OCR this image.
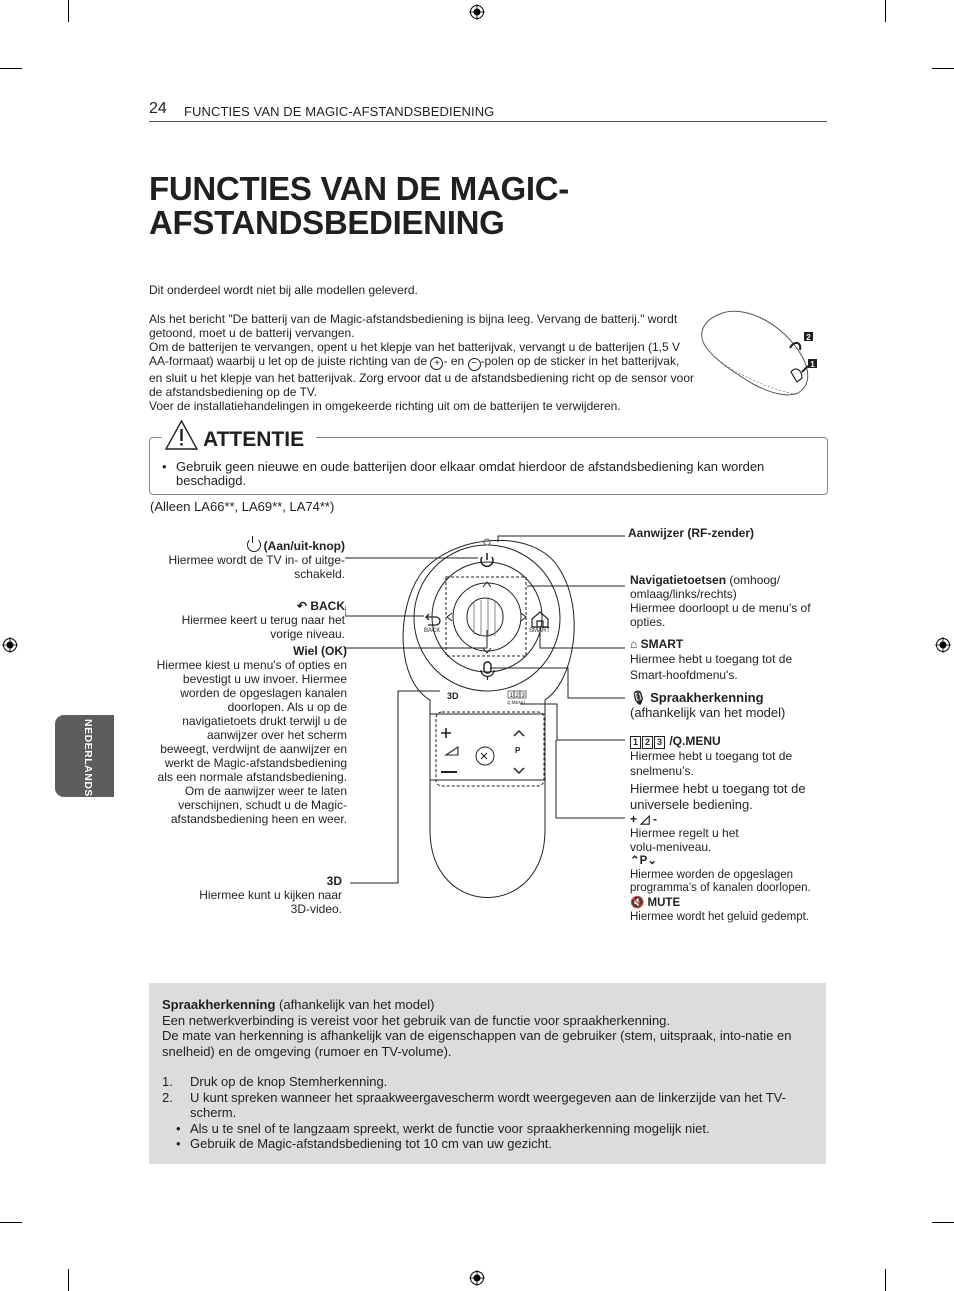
24 FUNCTIES VAN DE MAGIC-AFSTANDSBEDIENING
FUNCTIES VAN DE MAGIC-
AFSTANDSBEDIENING

Dit onderdeel wordt niet bij alle modellen geleverd.

Als het bericht "De batterij van de Magic-afstandsbediening is bijna leeg. Vervang de batterij." wordt getoond, moet u de batterij vervangen.
Om de batterijen te vervangen, opent u het klepje van het batterijvak, vervangt u de batterijen (1,5 V AA-formaat) waarbij u let op de juiste richting van de + - en − -polen op de sticker in het batterijvak, en sluit u het klepje van het batterijvak. Zorg ervoor dat u de afstandsbediening richt op de sensor voor de afstandsbediening op de TV.
Voer de installatiehandelingen in omgekeerde richting uit om de batterijen te verwijderen.

2
1
NEDERLANDS
ATTENTIE
• Gebruik geen nieuwe en oude batterijen door elkaar omdat hierdoor de afstandsbediening kan worden beschadigd.
(Alleen LA66**, LA69**, LA74**)
BACK	SMART
3D	1 2 3
Q.MENU
P
(Aan/uit-knop)
Hiermee wordt de TV in- of uitge-schakeld.
↶ BACK
Hiermee keert u terug naar het vorige niveau.
Wiel (OK)
Hiermee kiest u menu's of opties en bevestigt u uw invoer. Hiermee worden de opgeslagen kanalen doorlopen. Als u op de navigatietoets drukt terwijl u de aanwijzer over het scherm beweegt, verdwijnt de aanwijzer en werkt de Magic-afstandsbediening als een normale afstandsbediening. Om de aanwijzer weer te laten verschijnen, schudt u de Magic-afstandsbediening heen en weer.
3D
Hiermee kunt u kijken naar 3D-video.
Aanwijzer (RF-zender)
Navigatietoetsen (omhoog/ omlaag/links/rechts)
Hiermee doorloopt u de menu’s of opties.
⌂ SMART
Hiermee hebt u toegang tot de Smart-hoofdmenu's.
🎙 Spraakherkenning
(afhankelijk van het model)
1 2 3 /Q.MENU
Hiermee hebt u toegang tot de snelmenu’s.
Hiermee hebt u toegang tot de universele bediening.
+ ◿ -
Hiermee regelt u het volu-meniveau.
⌃P⌄
Hiermee worden de opgeslagen programma’s of kanalen doorlopen.
🔇 MUTE
Hiermee wordt het geluid gedempt.
Spraakherkenning (afhankelijk van het model)
Een netwerkverbinding is vereist voor het gebruik van de functie voor spraakherkenning.
De mate van herkenning is afhankelijk van de eigenschappen van de gebruiker (stem, uitspraak, into-natie en snelheid) en de omgeving (rumoer en TV-volume).
1. Druk op de knop Stemherkenning.
2. U kunt spreken wanneer het spraakweergavescherm wordt weergegeven aan de linkerzijde van het TV-scherm.
• Als u te snel of te langzaam spreekt, werkt de functie voor spraakherkenning mogelijk niet.
• Gebruik de Magic-afstandsbediening tot 10 cm van uw gezicht.
